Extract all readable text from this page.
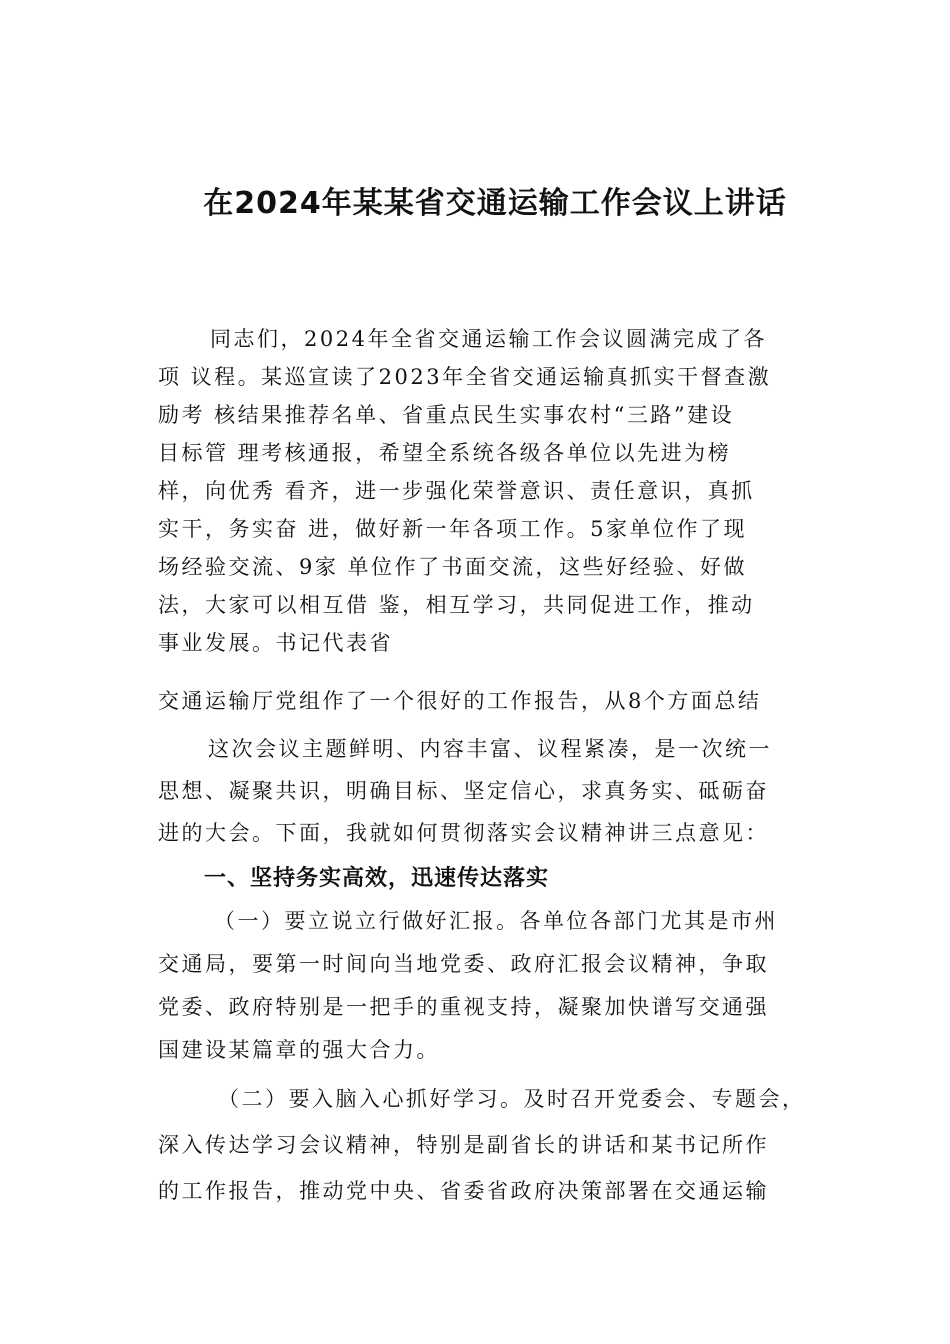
在2024年某某省交通运输工作会议上讲话
同志们，2024年全省交通运输工作会议圆满完成了各
项 议程。某巡宣读了2023年全省交通运输真抓实干督查激
励考 核结果推荐名单、省重点民生实事农村“三路”建设
目标管 理考核通报，希望全系统各级各单位以先进为榜
样，向优秀 看齐，进一步强化荣誉意识、责任意识，真抓
实干，务实奋 进，做好新一年各项工作。5家单位作了现
场经验交流、9家 单位作了书面交流，这些好经验、好做
法，大家可以相互借 鉴，相互学习，共同促进工作，推动
事业发展。书记代表省
交通运输厅党组作了一个很好的工作报告，从8个方面总结
这次会议主题鲜明、内容丰富、议程紧凑，是一次统一
思想、凝聚共识，明确目标、坚定信心，求真务实、砥砺奋
进的大会。下面，我就如何贯彻落实会议精神讲三点意见：
一、坚持务实高效，迅速传达落实
（一）要立说立行做好汇报。各单位各部门尤其是市州
交通局，要第一时间向当地党委、政府汇报会议精神，争取
党委、政府特别是一把手的重视支持，凝聚加快谱写交通强
国建设某篇章的强大合力。
（二）要入脑入心抓好学习。及时召开党委会、专题会，
深入传达学习会议精神，特别是副省长的讲话和某书记所作
的工作报告，推动党中央、省委省政府决策部署在交通运输
